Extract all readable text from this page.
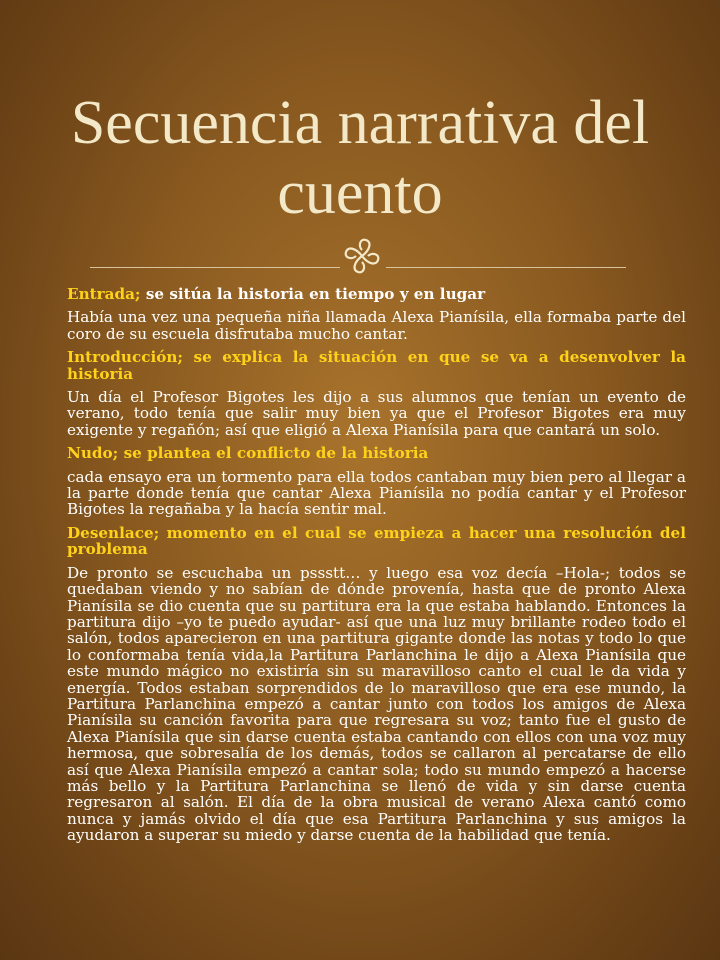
Secuencia narrativa del cuento

Entrada; se sitúa la historia en tiempo y en lugar

Había una vez una pequeña niña llamada Alexa Pianísila, ella formaba parte del coro de su escuela disfrutaba mucho cantar.

Introducción; se explica la situación en que se va a desenvolver la historia

Un día el Profesor Bigotes les dijo a sus alumnos que tenían un evento de verano, todo tenía que salir muy bien ya que el Profesor Bigotes era muy exigente y regañón; así que eligió a Alexa Pianísila para que cantará un solo.

Nudo; se plantea el conflicto de la historia

cada ensayo era un tormento para ella todos cantaban muy bien pero al llegar a la parte donde tenía que cantar Alexa Pianísila no podía cantar y el Profesor Bigotes la regañaba y la hacía sentir mal.

Desenlace; momento en el cual se empieza a hacer una resolución del problema

De pronto se escuchaba un pssstt… y luego esa voz decía –Hola-; todos se quedaban viendo y no sabían de dónde provenía, hasta que de pronto Alexa Pianísila se dio cuenta que su partitura era la que estaba hablando. Entonces la partitura dijo –yo te puedo ayudar- así que una luz muy brillante rodeo todo el salón, todos aparecieron en una partitura gigante donde las notas y todo lo que lo conformaba tenía vida,la Partitura Parlanchina le dijo a Alexa Pianísila que este mundo mágico no existiría sin su maravilloso canto el cual le da vida y energía. Todos estaban sorprendidos de lo maravilloso que era ese mundo, la Partitura Parlanchina empezó a cantar junto con todos los amigos de Alexa Pianísila su canción favorita para que regresara su voz; tanto fue el gusto de Alexa Pianísila que sin darse cuenta estaba cantando con ellos con una voz muy hermosa, que sobresalía de los demás, todos se callaron al percatarse de ello así que Alexa Pianísila empezó a cantar sola; todo su mundo empezó a hacerse más bello y la Partitura Parlanchina se llenó de vida y sin darse cuenta regresaron al salón. El día de la obra musical de verano Alexa cantó como nunca y jamás olvido el día que esa Partitura Parlanchina y sus amigos la ayudaron a superar su miedo y darse cuenta de la habilidad que tenía.
